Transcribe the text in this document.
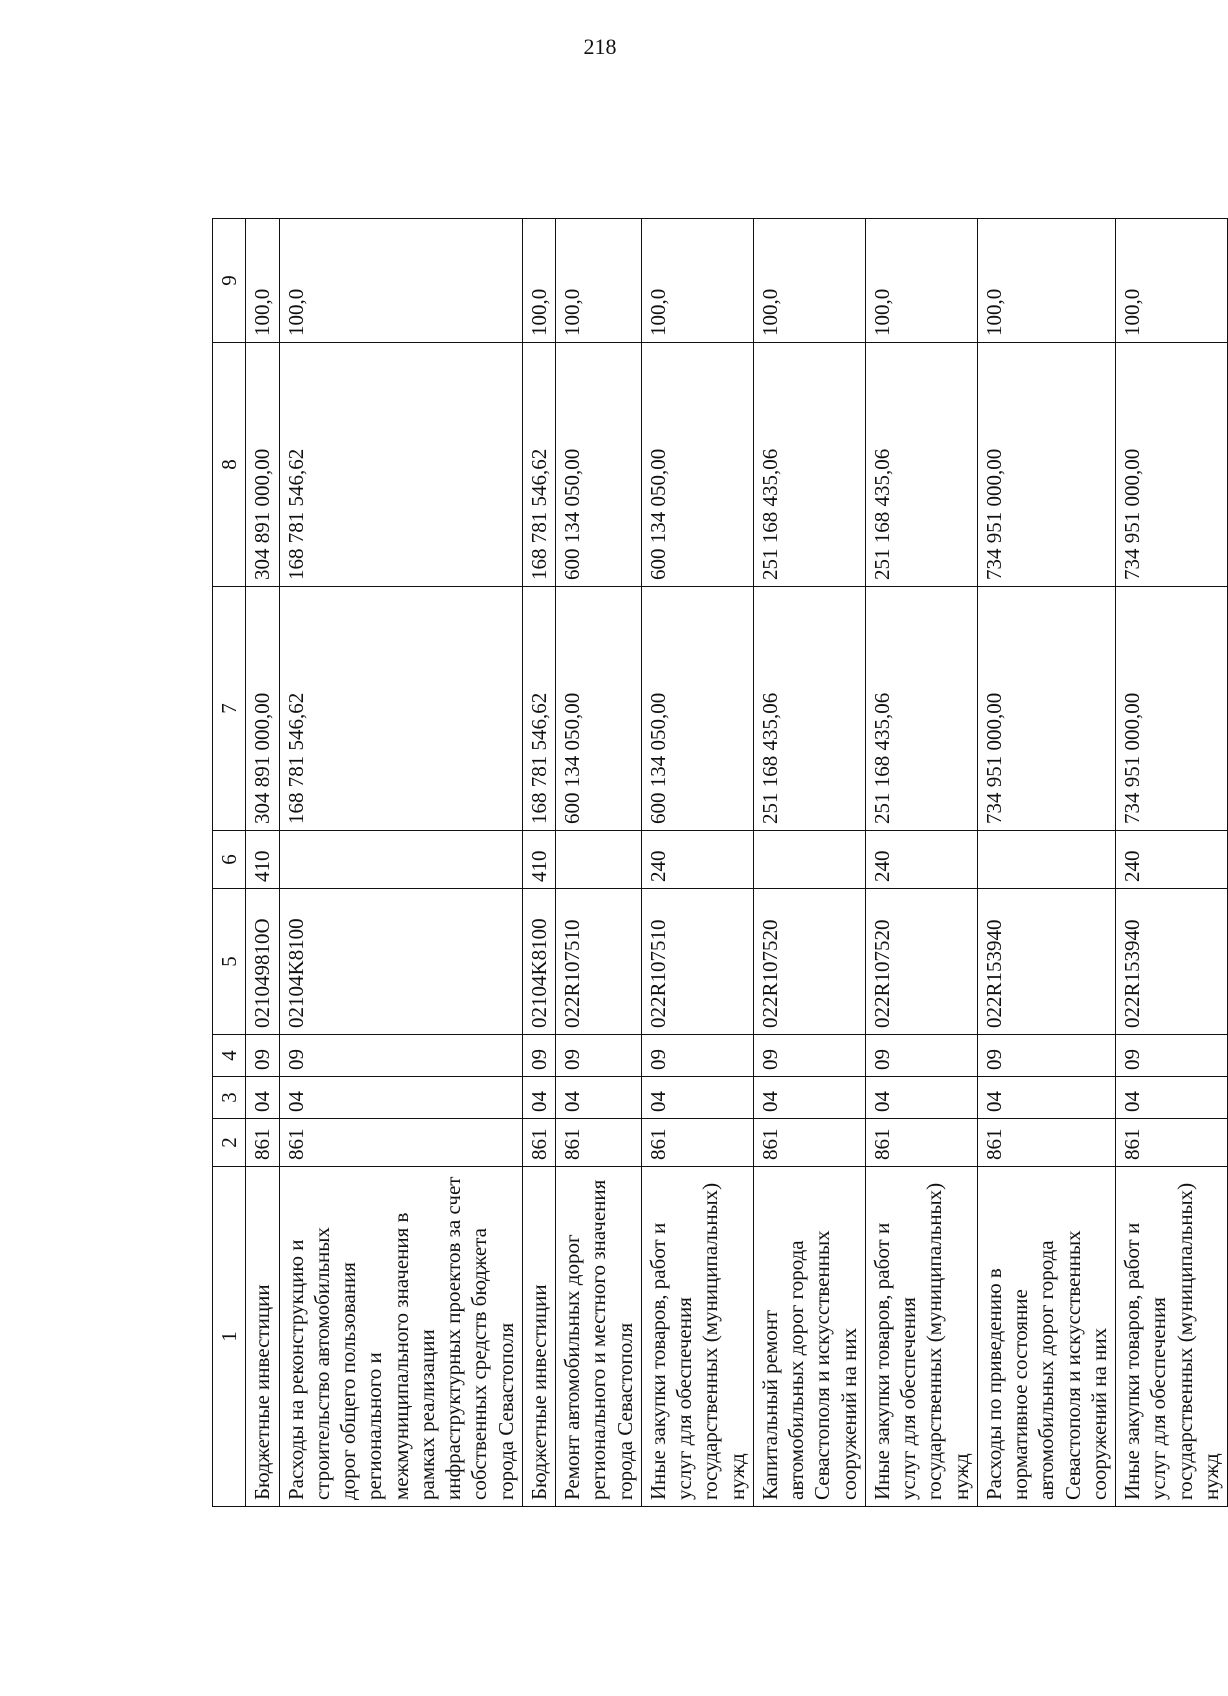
218
1	2	3	4	5	6	7	8	9
Бюджетные инвестиции	861	04	09	021049810О	410	304 891 000,00	304 891 000,00	100,0
Расходы на реконструкцию и строительство автомобильных дорог общего пользования регионального и межмуниципального значения в рамках реализации инфраструктурных проектов за счет собственных средств бюджета города Севастополя	861	04	09	02104K8100		168 781 546,62	168 781 546,62	100,0
Бюджетные инвестиции	861	04	09	02104K8100	410	168 781 546,62	168 781 546,62	100,0
Ремонт автомобильных дорог регионального и местного значения города Севастополя	861	04	09	022R107510		600 134 050,00	600 134 050,00	100,0
Иные закупки товаров, работ и услуг для обеспечения государственных (муниципальных) нужд	861	04	09	022R107510	240	600 134 050,00	600 134 050,00	100,0
Капитальный ремонт автомобильных дорог города Севастополя и искусственных сооружений на них	861	04	09	022R107520		251 168 435,06	251 168 435,06	100,0
Иные закупки товаров, работ и услуг для обеспечения государственных (муниципальных) нужд	861	04	09	022R107520	240	251 168 435,06	251 168 435,06	100,0
Расходы по приведению в нормативное состояние автомобильных дорог города Севастополя и искусственных сооружений на них	861	04	09	022R153940		734 951 000,00	734 951 000,00	100,0
Иные закупки товаров, работ и услуг для обеспечения государственных (муниципальных) нужд	861	04	09	022R153940	240	734 951 000,00	734 951 000,00	100,0
